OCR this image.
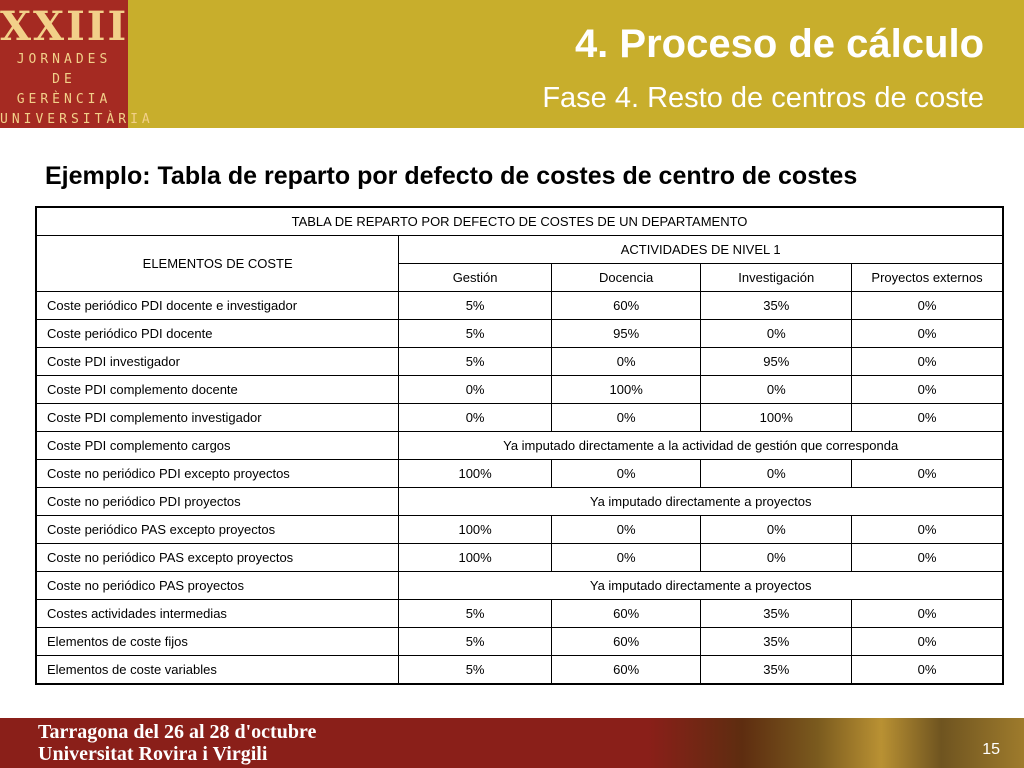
XXIII
JORNADES
DE GERÈNCIA
UNIVERSITÀRIA
4. Proceso de cálculo
Fase 4. Resto de centros de coste
Ejemplo: Tabla de reparto por defecto de costes de centro de costes
TABLA DE REPARTO POR DEFECTO DE COSTES DE UN DEPARTAMENTO				
ELEMENTOS DE COSTE	ACTIVIDADES DE NIVEL 1			
	Gestión	Docencia	Investigación	Proyectos externos
Coste periódico PDI docente e investigador	5%	60%	35%	0%
Coste periódico PDI docente	5%	95%	0%	0%
Coste PDI investigador	5%	0%	95%	0%
Coste PDI complemento docente	0%	100%	0%	0%
Coste PDI complemento investigador	0%	0%	100%	0%
Coste PDI complemento cargos	Ya imputado directamente a la actividad de gestión que corresponda			
Coste no periódico PDI excepto proyectos	100%	0%	0%	0%
Coste no periódico PDI proyectos	Ya imputado directamente a proyectos			
Coste periódico PAS excepto proyectos	100%	0%	0%	0%
Coste no periódico PAS excepto proyectos	100%	0%	0%	0%
Coste no periódico PAS proyectos	Ya imputado directamente a proyectos			
Costes actividades intermedias	5%	60%	35%	0%
Elementos de coste fijos	5%	60%	35%	0%
Elementos de coste variables	5%	60%	35%	0%
Tarragona del 26 al 28 d'octubre
Universitat Rovira i Virgili	15
